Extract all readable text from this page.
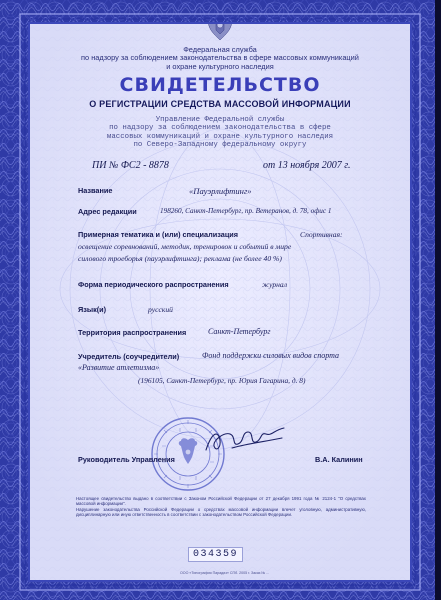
Федеральная служба
по надзору за соблюдением законодательства в сфере массовых коммуникаций
и охране культурного наследия
СВИДЕТЕЛЬСТВО
О РЕГИСТРАЦИИ СРЕДСТВА МАССОВОЙ ИНФОРМАЦИИ
Управление Федеральной службы
по надзору за соблюдением законодательства в сфере
массовых коммуникаций и охране культурного наследия
по Северо-Западному федеральному округу
ПИ № ФС2 - 8878	от 13 ноября 2007 г.
Название	«Пауэрлифтинг»
Адрес редакции	198260, Санкт-Петербург, пр. Ветеранов, д. 78, офис 1
Примерная тематика и (или) специализация	Спортивная:
освещение соревнований, методик, тренировок и событий в мире
силового троеборья (пауэрлифтинга); реклама (не более 40 %)
Форма периодического распространения	журнал
Язык(и)	русский
Территория распространения	Санкт-Петербург
Учредитель (соучредители)	Фонд поддержки силовых видов спорта
«Развитие атлетизма»
(196105, Санкт-Петербург, пр. Юрия Гагарина, д. 8)
Руководитель Управления	В.А. Калинин
Настоящее свидетельство выдано в соответствии с Законом Российской Федерации от 27 декабря 1991 года № 2124-1 "О средствах массовой информации".
Нарушение законодательства Российской Федерации о средствах массовой информации влечет уголовную, административную, дисциплинарную или иную ответственность в соответствии с законодательством Российской Федерации.
034359
ООО «Типография Парадиз» СПб. 2005 г. Заказ № ...
